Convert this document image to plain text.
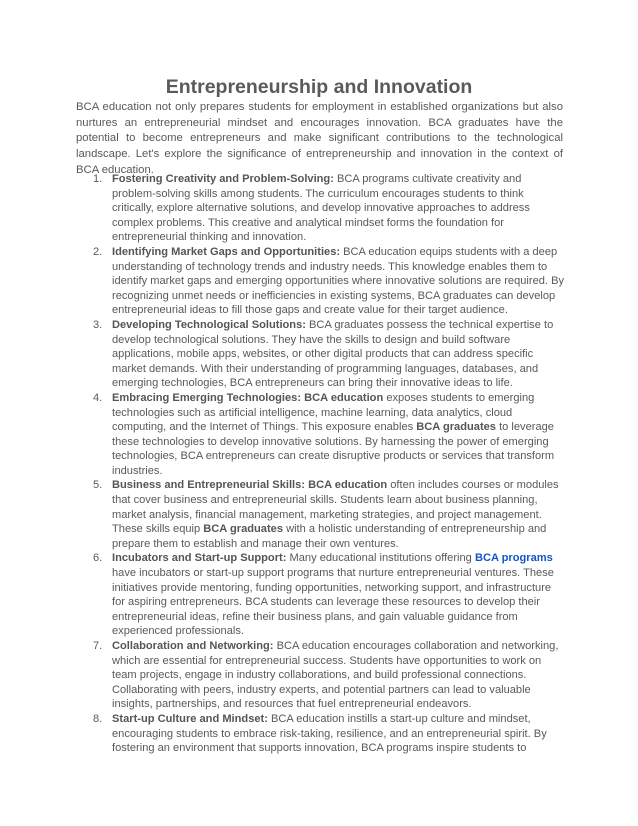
Entrepreneurship and Innovation

BCA education not only prepares students for employment in established organizations but also nurtures an entrepreneurial mindset and encourages innovation. BCA graduates have the potential to become entrepreneurs and make significant contributions to the technological landscape. Let's explore the significance of entrepreneurship and innovation in the context of BCA education.

1. Fostering Creativity and Problem-Solving: BCA programs cultivate creativity and problem-solving skills among students. The curriculum encourages students to think critically, explore alternative solutions, and develop innovative approaches to address complex problems. This creative and analytical mindset forms the foundation for entrepreneurial thinking and innovation.
2. Identifying Market Gaps and Opportunities: BCA education equips students with a deep understanding of technology trends and industry needs. This knowledge enables them to identify market gaps and emerging opportunities where innovative solutions are required. By recognizing unmet needs or inefficiencies in existing systems, BCA graduates can develop entrepreneurial ideas to fill those gaps and create value for their target audience.
3. Developing Technological Solutions: BCA graduates possess the technical expertise to develop technological solutions. They have the skills to design and build software applications, mobile apps, websites, or other digital products that can address specific market demands. With their understanding of programming languages, databases, and emerging technologies, BCA entrepreneurs can bring their innovative ideas to life.
4. Embracing Emerging Technologies: BCA education exposes students to emerging technologies such as artificial intelligence, machine learning, data analytics, cloud computing, and the Internet of Things. This exposure enables BCA graduates to leverage these technologies to develop innovative solutions. By harnessing the power of emerging technologies, BCA entrepreneurs can create disruptive products or services that transform industries.
5. Business and Entrepreneurial Skills: BCA education often includes courses or modules that cover business and entrepreneurial skills. Students learn about business planning, market analysis, financial management, marketing strategies, and project management. These skills equip BCA graduates with a holistic understanding of entrepreneurship and prepare them to establish and manage their own ventures.
6. Incubators and Start-up Support: Many educational institutions offering BCA programs have incubators or start-up support programs that nurture entrepreneurial ventures. These initiatives provide mentoring, funding opportunities, networking support, and infrastructure for aspiring entrepreneurs. BCA students can leverage these resources to develop their entrepreneurial ideas, refine their business plans, and gain valuable guidance from experienced professionals.
7. Collaboration and Networking: BCA education encourages collaboration and networking, which are essential for entrepreneurial success. Students have opportunities to work on team projects, engage in industry collaborations, and build professional connections. Collaborating with peers, industry experts, and potential partners can lead to valuable insights, partnerships, and resources that fuel entrepreneurial endeavors.
8. Start-up Culture and Mindset: BCA education instills a start-up culture and mindset, encouraging students to embrace risk-taking, resilience, and an entrepreneurial spirit. By fostering an environment that supports innovation, BCA programs inspire students to
